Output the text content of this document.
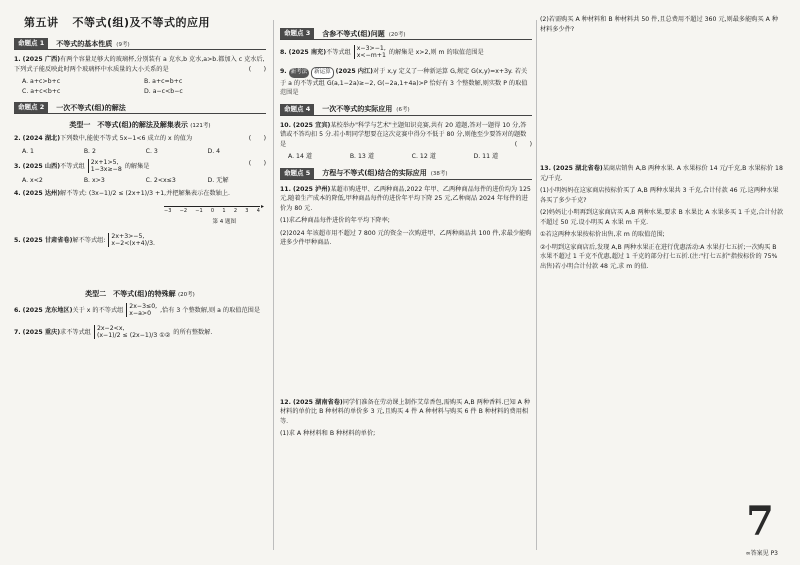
第五讲 不等式(组)及不等式的应用
命题点 1	不等式的基本性质 (9考)
1. (2025 广西)有两个容量足够大的玻璃杯,分别装有 a 克水,b 克水,a>b.都加入 c 克水后,下列式子能反映此时两个玻璃杯中水质量的大小关系的是	(　　)
A. a+c>b+c	B. a+c=b+c
C. a+c<b+c	D. a−c<b−c
命题点 2	一次不等式(组)的解法
类型一　不等式(组)的解法及解集表示 (121考)
2. (2024 湖北)下列数中,能使不等式 5x−1<6 成立的 x 的值为	(　　)
A. 1	B. 2	C. 3	D. 4
3. (2025 山西)不等式组 2x+1>5,
1−3x≥−8 的解集是	(　　)
A. x<2	B. x>3	C. 2<x≤3	D. 无解
4. (2025 达州)解不等式: (3x−1)/2 ≤ (2x+1)/3 +1,并把解集表示在数轴上.
▸
−3 −2 −1 0 1 2 3 4
第 4 题图
5. (2025 甘肃省卷)解不等式组: 2x+3>−5,
x−2<(x+4)/3.
类型二　不等式(组)的特殊解 (20考)
6. (2025 龙东地区)关于 x 的不等式组 2x−3≤0,
x−a>0 ,恰有 3 个整数解,则 a 的取值范围是
7. (2025 重庆)求不等式组 2x−2<x,
(x−1)/2 ≤ (2x−1)/3 ①② 的所有整数解.
命题点 3	含参不等式(组)问题 (20考)
8. (2025 南充)不等式组 x−3>−1,
x<−m+1 的解集是 x>2,则 m 的取值范围是
9. 新考法 新运算 (2025 内江)对于 x,y 定义了一种新运算 G,规定 G(x,y)=x+3y. 若关于 a 的不等式组 G(a,1−2a)≥−2, G(−2a,1+4a)>P 恰好有 3 个整数解,则实数 P 的取值范围是
命题点 4	一次不等式的实际应用 (6考)
10. (2025 宜宾)某校举办"科学与艺术"主题知识竞赛,共有 20 道题,答对一题得 10 分,答错或不答均扣 5 分.若小明同学想要在这次竞赛中得分不低于 80 分,则他至少要答对的题数是	(　　)
A. 14 道	B. 13 道	C. 12 道	D. 11 道
命题点 5	方程与不等式(组)结合的实际应用 (38考)
11. (2025 泸州)某超市购进甲、乙两种商品,2022 年甲、乙两种商品每件的进价均为 125 元,随着生产成本的降低,甲种商品每件的进价年平均下降 25 元,乙种商品 2024 年每件的进价为 80 元.
(1)求乙种商品每件进价的年平均下降率;
(2)2024 年该超市用不超过 7 800 元的资金一次购进甲、乙两种商品共 100 件,求最少能购进多少件甲种商品.
12. (2025 湖南省卷)同学们准备在劳动课上制作艾草香包,需购买 A,B 两种香料.已知 A 种材料的单价比 B 种材料的单价多 3 元,且购买 4 件 A 种材料与购买 6 件 B 种材料的费用相等.
(1)求 A 种材料和 B 种材料的单价;
(2)若需购买 A 种材料和 B 种材料共 50 件,且总费用不超过 360 元,则最多能购买 A 种材料多少件?
13. (2025 湖北省卷)某商店销售 A,B 两种水果. A 水果标价 14 元/千克,B 水果标价 18 元/千克.
(1)小明妈妈在这家商店按标价买了 A,B 两种水果共 3 千克,合计付款 46 元.这两种水果各买了多少千克?
(2)妈妈让小明再到这家商店买 A,B 两种水果,要求 B 水果比 A 水果多买 1 千克,合计付款不超过 50 元.设小明买 A 水果 m 千克.
①若这两种水果按标价出售,求 m 的取值范围;
②小明到这家商店后,发现 A,B 两种水果正在进行优惠活动:A 水果打七五折;一次购买 B 水果不超过 1 千克不优惠,超过 1 千克的部分打七五折.(注:"打七五折"指按标价的 75% 出售)若小明合计付款 48 元,求 m 的值.
7
∞答案见 P3
